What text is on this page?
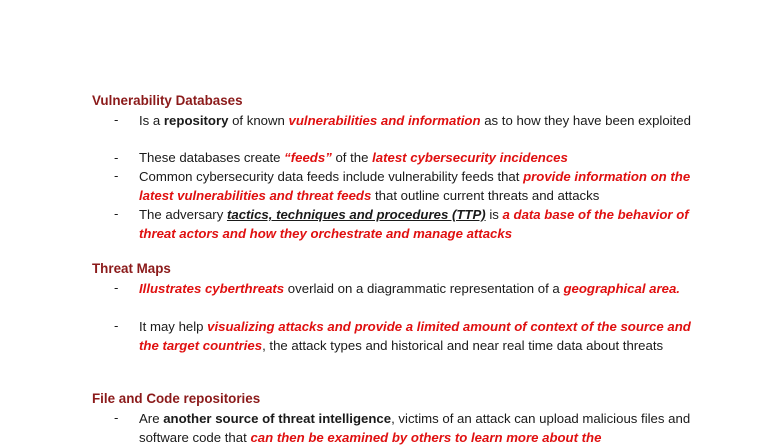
Vulnerability Databases
-	Is a repository of known vulnerabilities and information as to how they have been exploited
-	These databases create “feeds” of the latest cybersecurity incidences
-	Common cybersecurity data feeds include vulnerability feeds that provide information on the latest vulnerabilities and threat feeds that outline current threats and attacks
-	The adversary tactics, techniques and procedures (TTP) is a data base of the behavior of threat actors and how they orchestrate and manage attacks
Threat Maps
-	Illustrates cyberthreats overlaid on a diagrammatic representation of a geographical area.
-	It may help visualizing attacks and provide a limited amount of context of the source and the target countries, the attack types and historical and near real time data about threats
File and Code repositories
-	Are another source of threat intelligence, victims of an attack can upload malicious files and software code that can then be examined by others to learn more about the
